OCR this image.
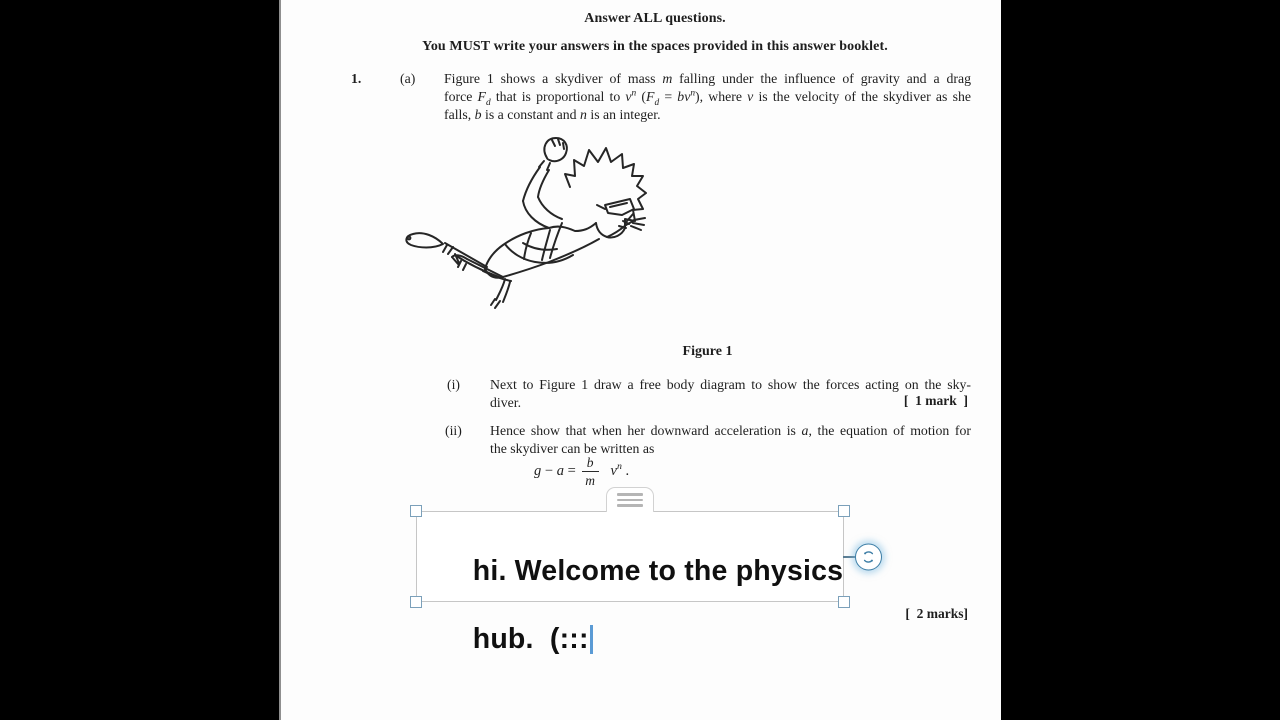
Answer ALL questions.
You MUST write your answers in the spaces provided in this answer booklet.
1.	(a) Figure 1 shows a skydiver of mass m falling under the influence of gravity and a drag
force $F_d$ that is proportional to $v^n$ $(F_d = bv^n)$, where v is the velocity of the skydiver as she
falls, b is a constant and n is an integer.
Figure 1
(i) Next to Figure 1 draw a free body diagram to show the forces acting on the sky-
diver.	[  1 mark  ]
(ii) Hence show that when her downward acceleration is a, the equation of motion for
the skydiver can be written as
$g - a = \frac{b}{m} v^n$ .

hi. Welcome to the physics

hub.  (:::

[  2 marks]
